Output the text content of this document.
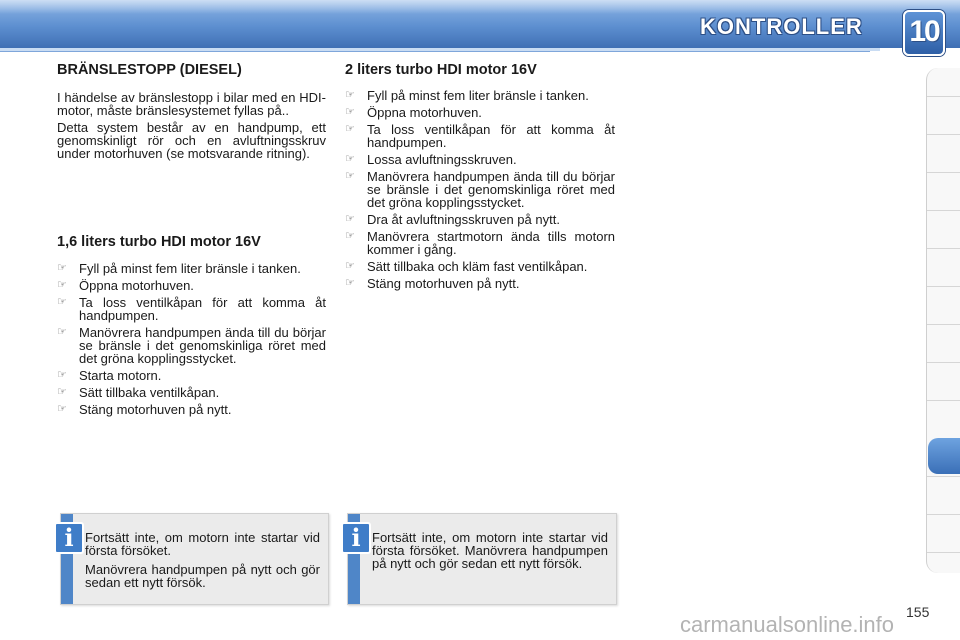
KONTROLLER 10
BRÄNSLESTOPP (DIESEL)

I händelse av bränslestopp i bilar med en HDI-motor, måste bränslesystemet fyllas på..

Detta system består av en handpump, ett genomskinligt rör och en avluftningsskruv under motorhuven (se motsvarande ritning).

1,6 liters turbo HDI motor 16V
☞ Fyll på minst fem liter bränsle i tanken.
☞ Öppna motorhuven.
☞ Ta loss ventilkåpan för att komma åt handpumpen.
☞ Manövrera handpumpen ända till du börjar se bränsle i det genomskinliga röret med det gröna kopplingsstycket.
☞ Starta motorn.
☞ Sätt tillbaka ventilkåpan.
☞ Stäng motorhuven på nytt.
2 liters turbo HDI motor 16V
☞ Fyll på minst fem liter bränsle i tanken.
☞ Öppna motorhuven.
☞ Ta loss ventilkåpan för att komma åt handpumpen.
☞ Lossa avluftningsskruven.
☞ Manövrera handpumpen ända till du börjar se bränsle i det genomskinliga röret med det gröna kopplingsstycket.
☞ Dra åt avluftningsskruven på nytt.
☞ Manövrera startmotorn ända tills motorn kommer i gång.
☞ Sätt tillbaka och kläm fast ventilkåpan.
☞ Stäng motorhuven på nytt.
i Fortsätt inte, om motorn inte startar vid första försöket.

Manövrera handpumpen på nytt och gör sedan ett nytt försök.

i Fortsätt inte, om motorn inte startar vid första försöket. Manövrera handpumpen på nytt och gör sedan ett nytt försök.

155
carmanualsonline.info
